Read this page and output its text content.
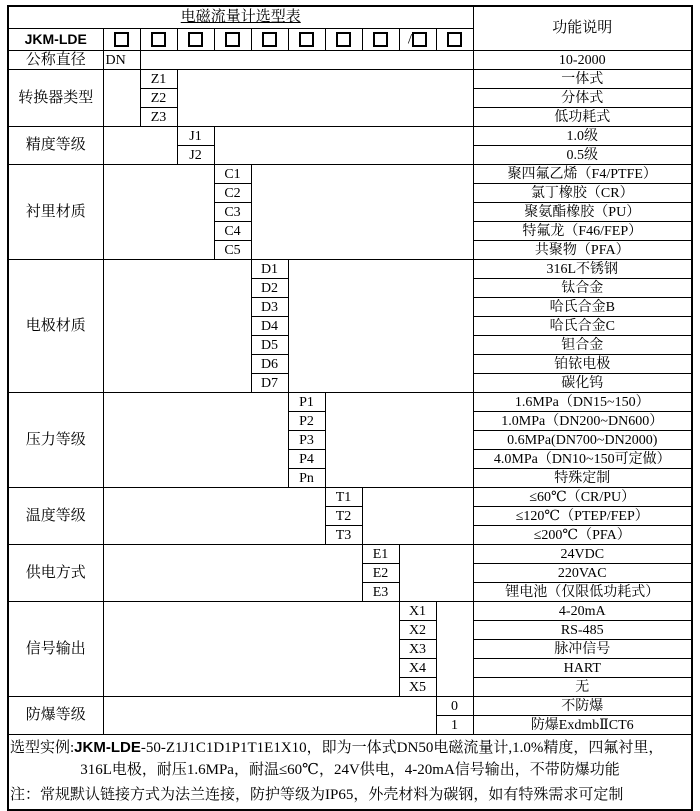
电磁流量计选型表											功能说明
JKM-LDE									/		
公称直径	DN										10-2000
转换器类型		Z1									一体式
		Z2									分体式
		Z3									低功耗式
精度等级			J1								1.0级
			J2								0.5级
衬里材质				C1							聚四氟乙烯（F4/PTFE）
				C2							氯丁橡胶（CR）
				C3							聚氨酯橡胶（PU）
				C4							特氟龙（F46/FEP）
				C5							共聚物（PFA）
电极材质					D1						316L不锈钢
					D2						钛合金
					D3						哈氏合金B
					D4						哈氏合金C
					D5						钽合金
					D6						铂铱电极
					D7						碳化钨
压力等级						P1					1.6MPa（DN15~150）
						P2					1.0MPa（DN200~DN600）
						P3					0.6MPa(DN700~DN2000)
						P4					4.0MPa（DN10~150可定做）
						Pn					特殊定制
温度等级							T1				≤60℃（CR/PU）
							T2				≤120℃（PTEP/FEP）
							T3				≤200℃（PFA）
供电方式								E1			24VDC
								E2			220VAC
								E3			锂电池（仅限低功耗式）
信号输出									X1		4-20mA
									X2		RS-485
									X3		脉冲信号
									X4		HART
									X5		无
防爆等级										0	不防爆
										1	防爆ExdmbⅡCT6

选型实例:JKM-LDE-50-Z1J1C1D1P1T1E1X10，即为一体式DN50电磁流量计,1.0%精度，四氟衬里，
316L电极，耐压1.6MPa，耐温≤60℃，24V供电，4-20mA信号输出，不带防爆功能
注：常规默认链接方式为法兰连接，防护等级为IP65，外壳材料为碳钢，如有特殊需求可定制											
